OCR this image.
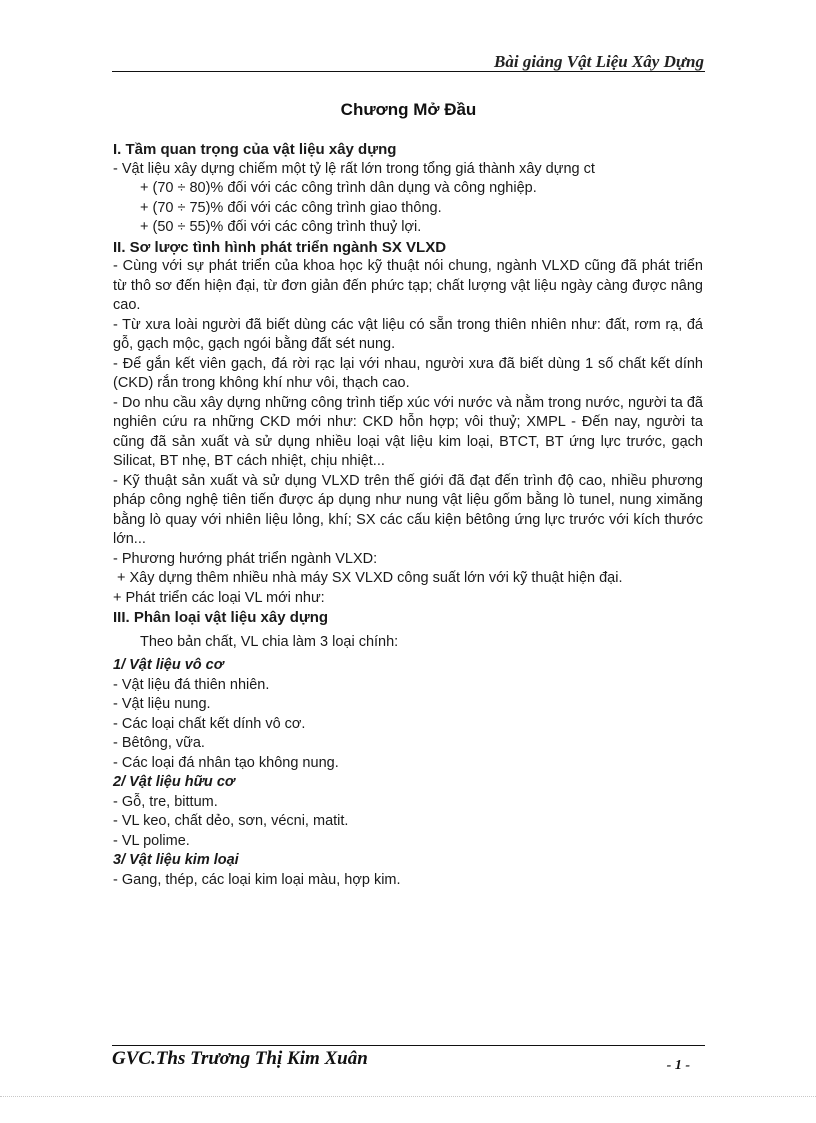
Bài giảng Vật Liệu Xây Dựng
Chương Mở Đầu

I. Tầm quan trọng của vật liệu xây dựng

- Vật liệu xây dựng chiếm một tỷ lệ rất lớn trong tổng giá thành xây dựng ct

+ (70 ÷ 80)% đối với các công trình dân dụng và công nghiệp.

+ (70 ÷ 75)% đối với các công trình giao thông.

+ (50 ÷ 55)% đối với các công trình thuỷ lợi.

II. Sơ lược tình hình phát triển ngành SX VLXD

- Cùng với sự phát triển của khoa học kỹ thuật nói chung, ngành VLXD cũng đã phát triển từ thô sơ đến hiện đại, từ đơn giản đến phức tạp; chất lượng vật liệu ngày càng được nâng cao.

- Từ xưa loài người đã biết dùng các vật liệu có sẵn trong thiên nhiên như: đất, rơm rạ, đá gỗ, gạch mộc, gạch ngói bằng đất sét nung.

- Để gắn kết viên gạch, đá rời rạc lại với nhau, người xưa đã biết dùng 1 số chất kết dính (CKD) rắn trong không khí như vôi, thạch cao.

- Do nhu cầu xây dựng những công trình tiếp xúc với nước và nằm trong nước, người ta đã nghiên cứu ra những CKD mới như: CKD hỗn hợp; vôi thuỷ; XMPL - Đến nay, người ta cũng đã sản xuất và sử dụng nhiều loại vật liệu kim loại, BTCT, BT ứng lực trước, gạch Silicat, BT nhẹ, BT cách nhiệt, chịu nhiệt...

- Kỹ thuật sản xuất và sử dụng VLXD trên thế giới đã đạt đến trình độ cao, nhiều phương pháp công nghệ tiên tiến được áp dụng như nung vật liệu gốm bằng lò tunel, nung ximăng bằng lò quay với nhiên liệu lỏng, khí; SX các cấu kiện bêtông ứng lực trước với kích thước lớn...

- Phương hướng phát triển ngành VLXD:

+ Xây dựng thêm nhiều nhà máy SX VLXD công suất lớn với kỹ thuật hiện đại.

+ Phát triển các loại VL mới như:

III. Phân loại vật liệu xây dựng

Theo bản chất, VL chia làm 3 loại chính:

1/ Vật liệu vô cơ

- Vật liệu đá thiên nhiên.

- Vật liệu nung.

- Các loại chất kết dính vô cơ.

- Bêtông, vữa.

- Các loại đá nhân tạo không nung.

2/ Vật liệu hữu cơ

- Gỗ, tre, bittum.

- VL keo, chất dẻo, sơn, vécni, matit.

- VL polime.

3/ Vật liệu kim loại

- Gang, thép, các loại kim loại màu, hợp kim.

GVC.Ths Trương Thị Kim Xuân	- 1 -
